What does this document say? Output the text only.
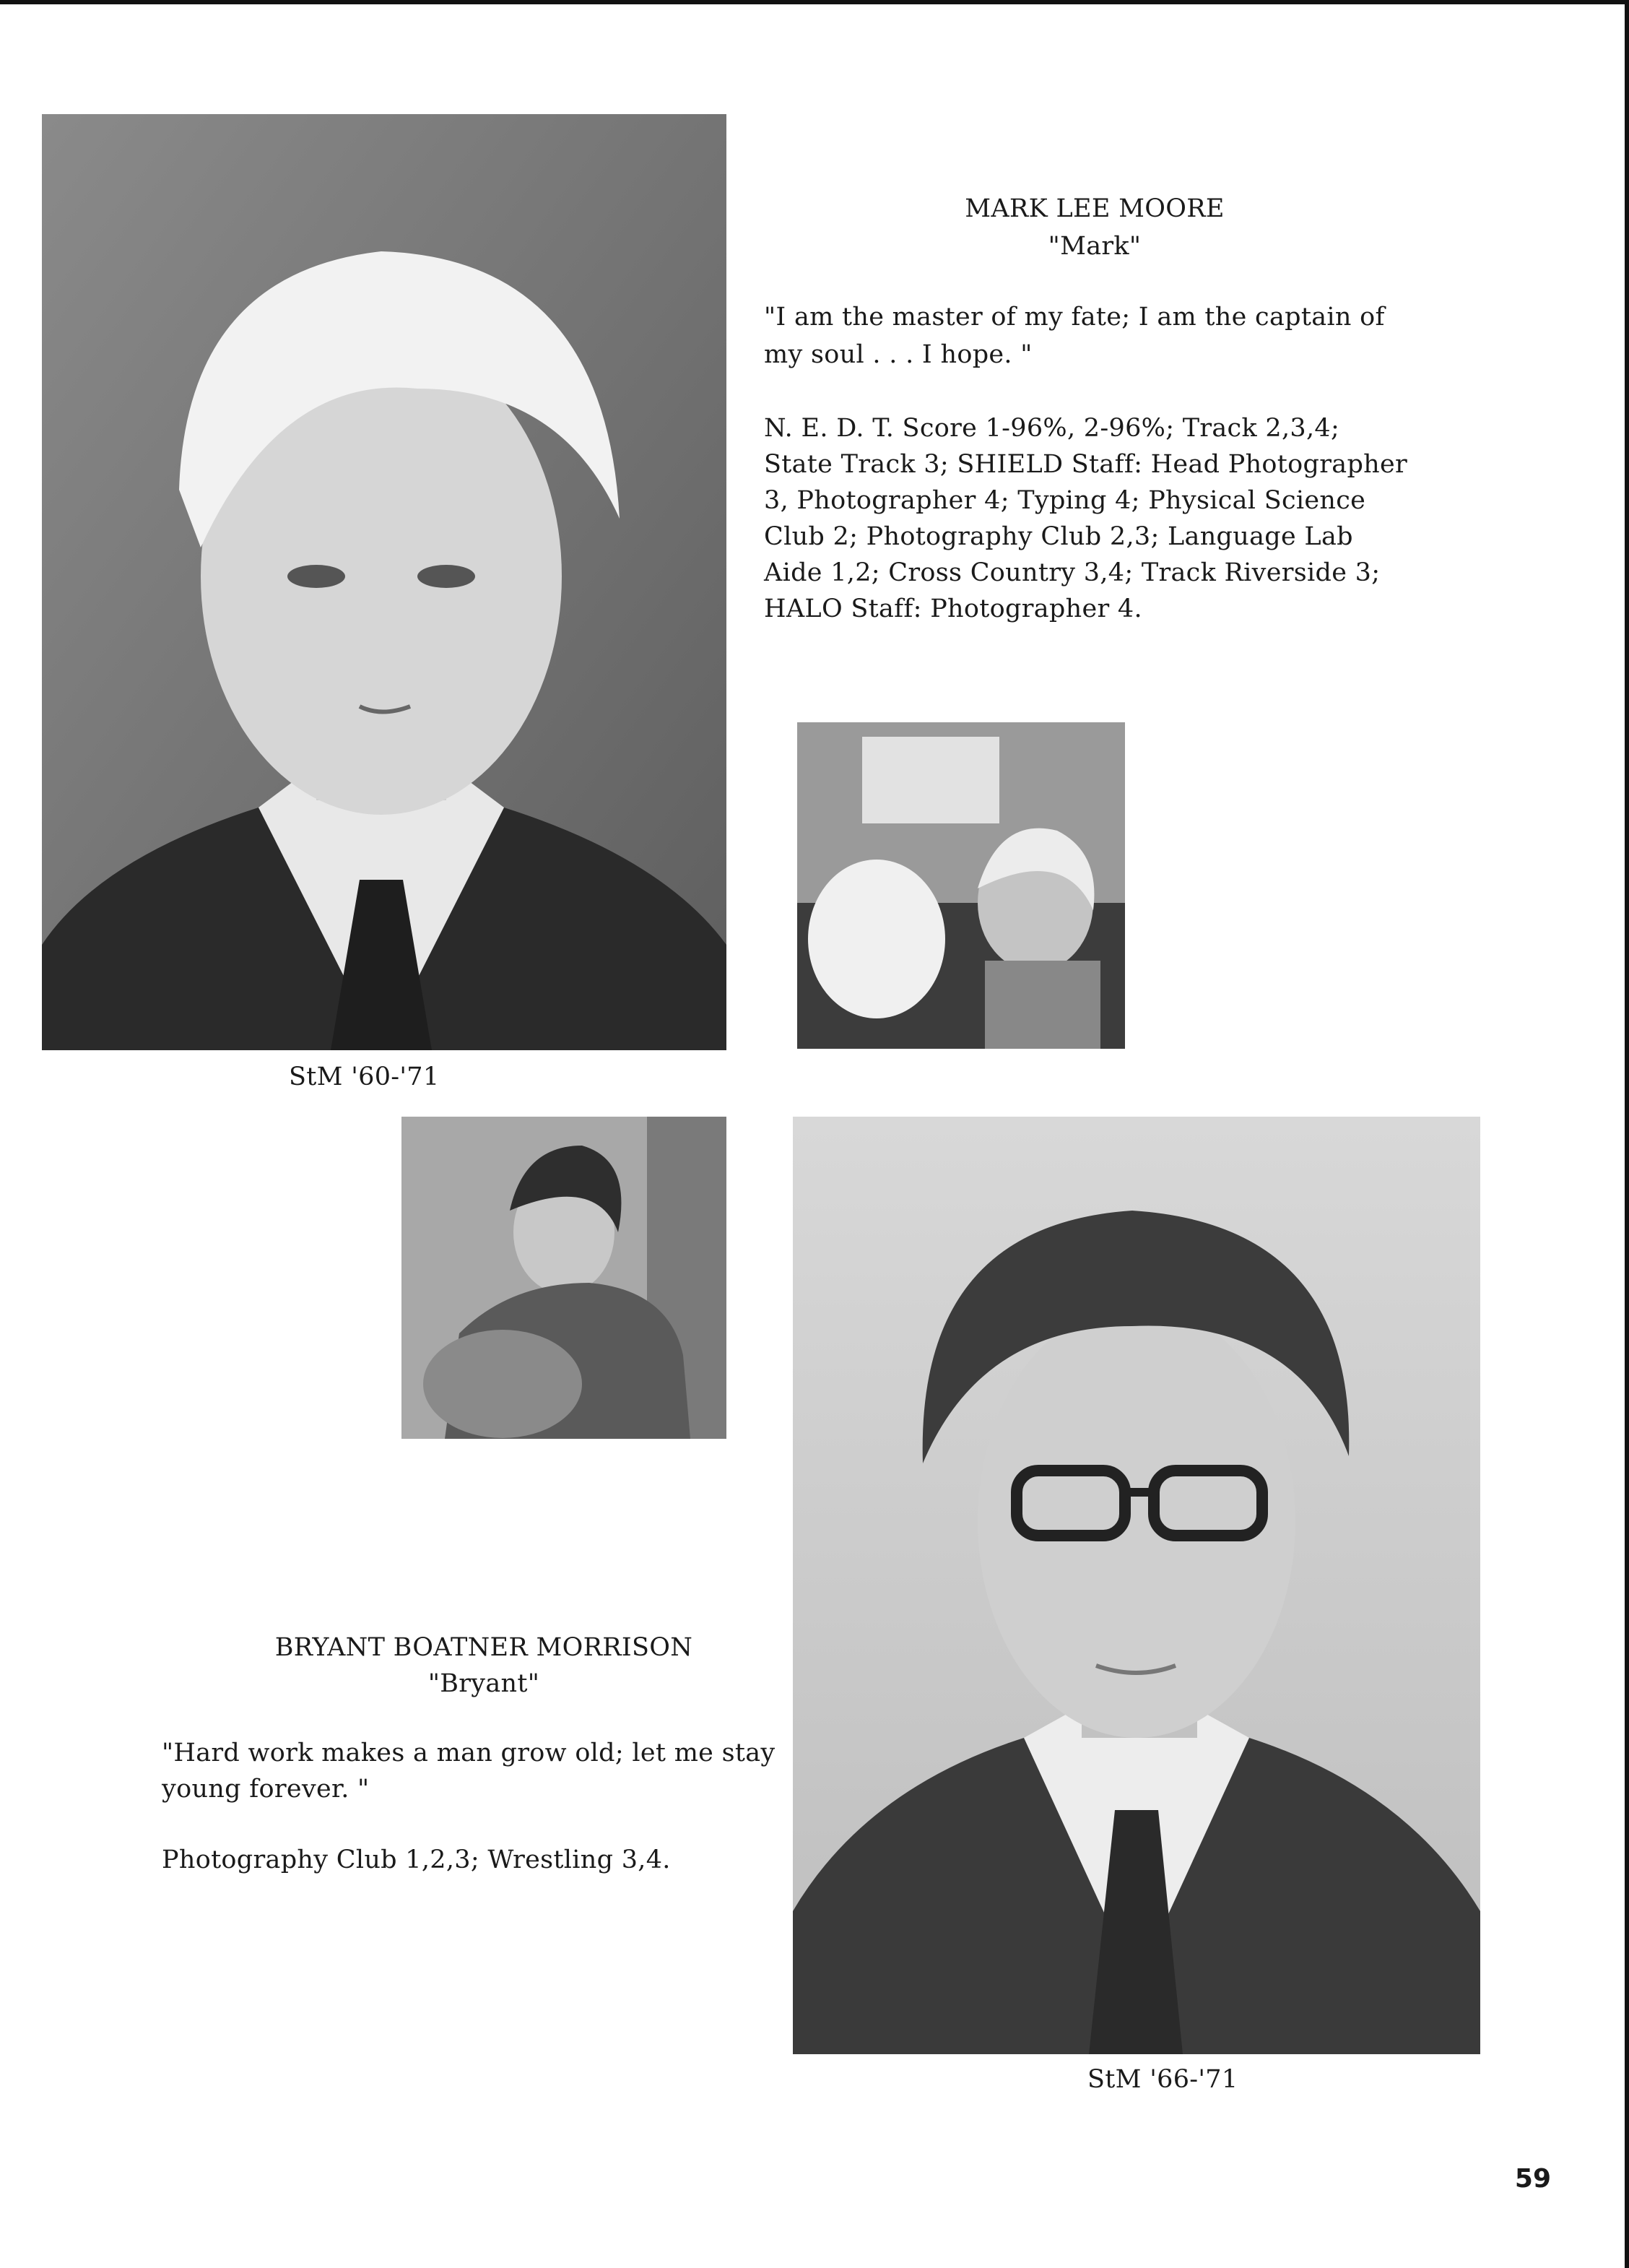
MARK LEE MOORE
"Mark"
"I am the master of my fate; I am the captain of
my soul . . . I hope. "
N. E. D. T. Score 1-96%, 2-96%; Track 2,3,4;
State Track 3; SHIELD Staff: Head Photographer
3, Photographer 4; Typing 4; Physical Science
Club 2; Photography Club 2,3; Language Lab
Aide 1,2; Cross Country 3,4; Track Riverside 3;
HALO Staff: Photographer 4.
StM '60-'71
BRYANT BOATNER MORRISON
"Bryant"
"Hard work makes a man grow old; let me stay
young forever. "
Photography Club 1,2,3; Wrestling 3,4.
StM '66-'71
59
